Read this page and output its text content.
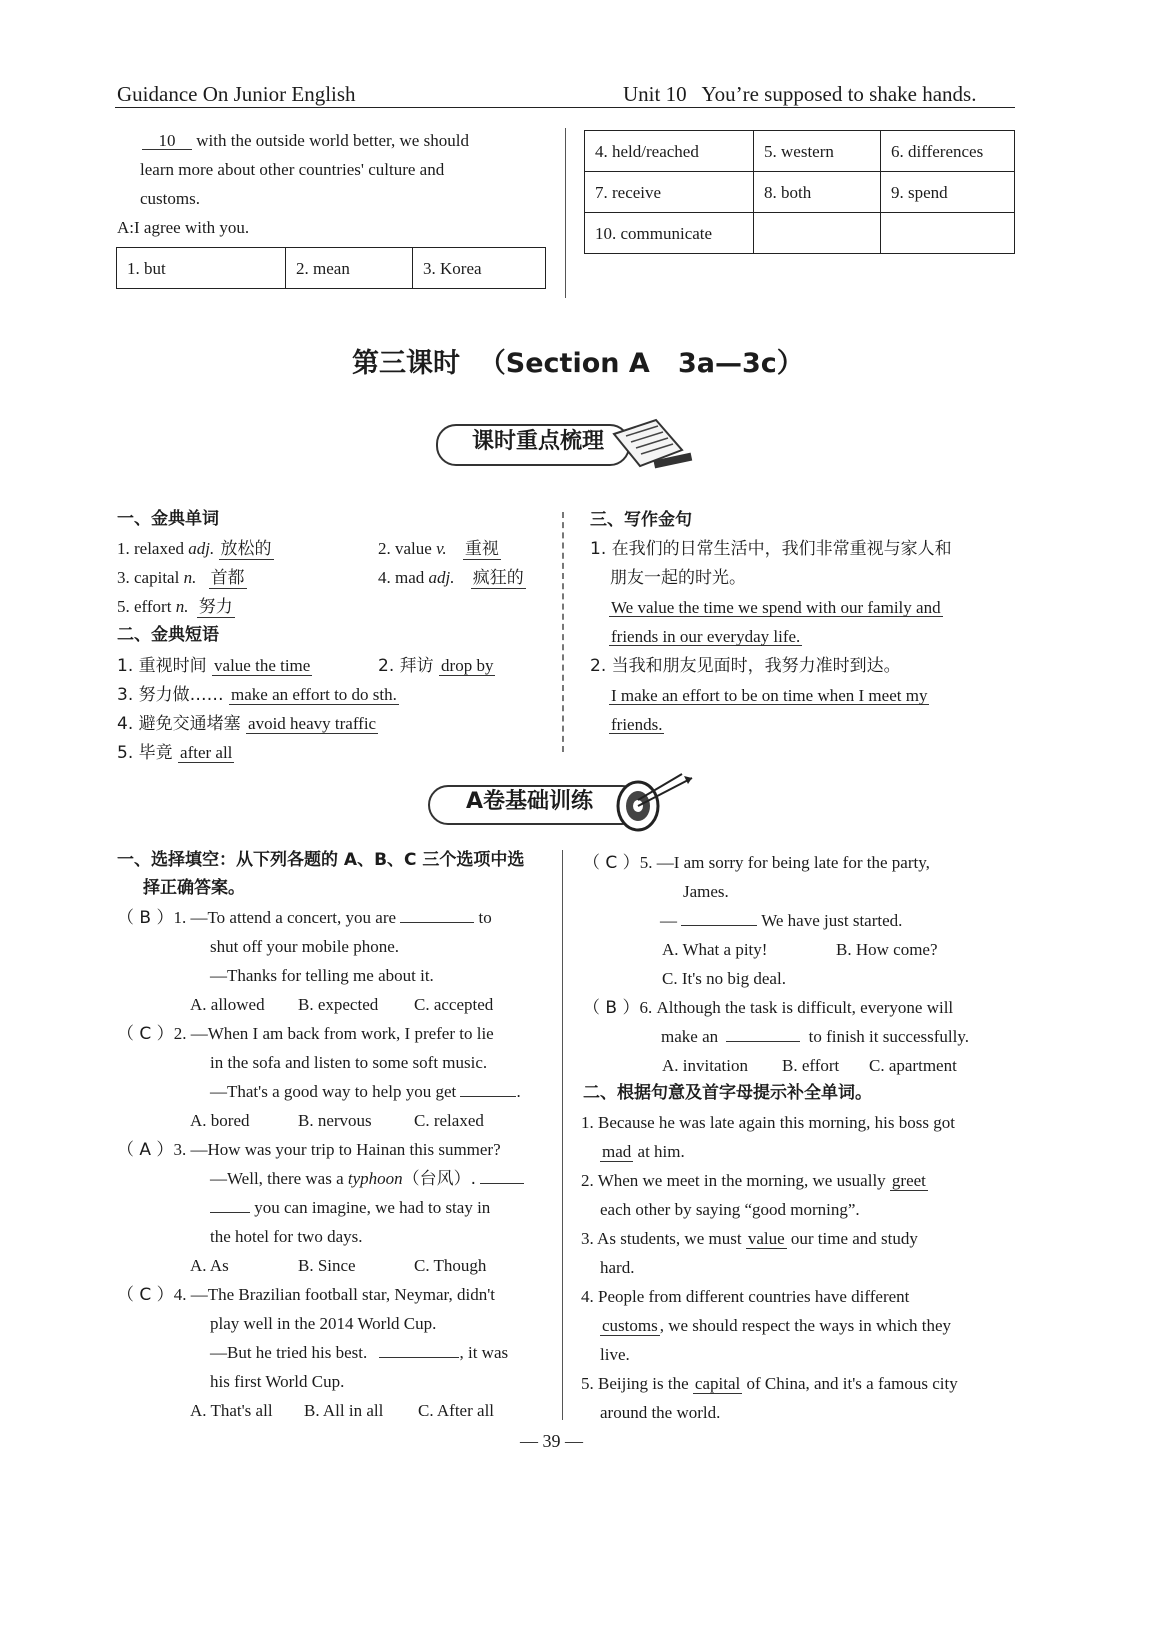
Guidance On Junior English	Unit 10   You’re supposed to shake hands.
10 with the outside world better, we should
learn more about other countries' culture and
customs.
A:I agree with you.
1. but	2. mean	3. Korea
4. held/reached	5. western	6. differences
7. receive	8. both	9. spend
10. communicate		
第三课时  （Section A   3a—3c）
课时重点梳理
一、金典单词
1. relaxed adj. 放松的	2. value v. 重视
3. capital n. 首都	4. mad adj. 疯狂的
5. effort n. 努力
二、金典短语
1. 重视时间 value the time	2. 拜访 drop by
3. 努力做…… make an effort to do sth.
4. 避免交通堵塞 avoid heavy traffic
5. 毕竟 after all
三、写作金句
1. 在我们的日常生活中，我们非常重视与家人和
朋友一起的时光。
We value the time we spend with our family and
friends in our everyday life.
2. 当我和朋友见面时，我努力准时到达。
I make an effort to be on time when I meet my
friends.
A卷基础训练
一、选择填空：从下列各题的 A、B、C 三个选项中选
择正确答案。
（ B ）1. —To attend a concert, you are	to
shut off your mobile phone.
—Thanks for telling me about it.
A. allowed B. expected C. accepted
（ C ）2. —When I am back from work, I prefer to lie
in the sofa and listen to some soft music.
—That's a good way to help you get	.
A. bored	B. nervous C. relaxed
（ A ）3. —How was your trip to Hainan this summer?
—Well, there was a typhoon（台风）.
you can imagine, we had to stay in
the hotel for two days.
A. As	B. Since	C. Though
（ C ）4. —The Brazilian football star, Neymar, didn't
play well in the 2014 World Cup.
—But he tried his best.	, it was
his first World Cup.
A. That's all B. All in all C. After all
（ C ）5. —I am sorry for being late for the party,
James.
—	We have just started.
A. What a pity!	B. How come?
C. It's no big deal.
（ B ）6. Although the task is difficult, everyone will
make an	to finish it successfully.
A. invitation B. effort C. apartment
二、根据句意及首字母提示补全单词。
1. Because he was late again this morning, his boss got
mad at him.
2. When we meet in the morning, we usually greet
each other by saying “good morning”.
3. As students, we must value our time and study
hard.
4. People from different countries have different
customs , we should respect the ways in which they
live.
5. Beijing is the capital of China, and it's a famous city
around the world.
— 39 —
